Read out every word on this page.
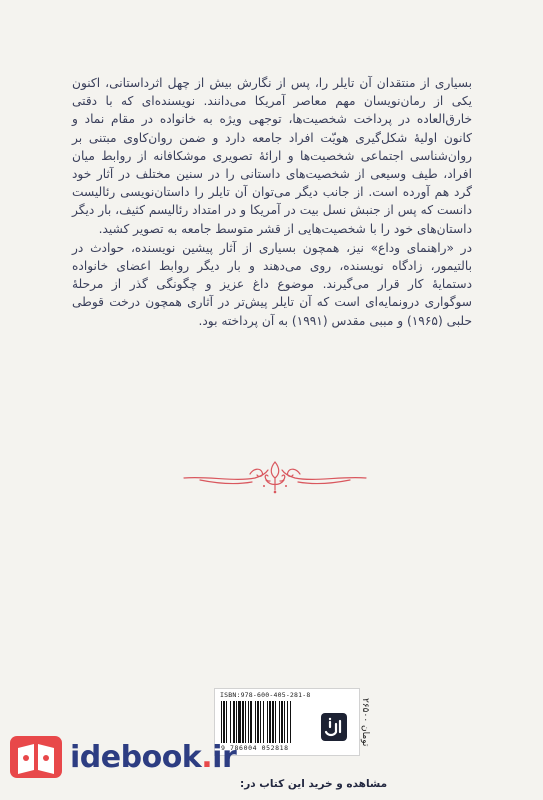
بسیاری از منتقدان آن تایلر را، پس از نگارش بیش از چهل اثرداستانی، اکنون یکی از رمان‌نویسان مهم معاصر آمریکا می‌دانند. نویسنده‌ای که با دقتی خارق‌العاده در پرداخت شخصیت‌ها، توجهی ویژه به خانواده در مقام نماد و کانون اولیهٔ شکل‌گیری هویّت افراد جامعه دارد و ضمن روان‌کاوی مبتنی بر روان‌شناسی اجتماعی شخصیت‌ها و ارائهٔ تصویری موشکافانه از روابط میان افراد، طیف وسیعی از شخصیت‌های داستانی را در سنین مختلف در آثار خود گرد هم آورده است. از جانب دیگر می‌توان آن تایلر را داستان‌نویسی رئالیست دانست که پس از جنبش نسل بیت در آمریکا و در امتداد رئالیسم کثیف، بار دیگر داستان‌های خود را با شخصیت‌هایی از قشر متوسط جامعه به تصویر کشید.

در «راهنمای وداع» نیز، همچون بسیاری از آثار پیشین نویسنده، حوادث در بالتیمور، زادگاه نویسنده، روی می‌دهند و بار دیگر روابط اعضای خانواده دستمایهٔ کار قرار می‌گیرند. موضوع داغ عزیز و چگونگی گذر از مرحلهٔ سوگواری درونمایه‌ای است که آن تایلر پیش‌تر در آثاری همچون درخت قوطی حلبی (۱۹۶۵) و مببی مقدس (۱۹۹۱) به آن پرداخته بود.

ISBN:978-600-405-281-8
9 786004 052818
۲۶۵۰۰ تومان
idebook.ir
مشاهده و خرید این کتاب در:
